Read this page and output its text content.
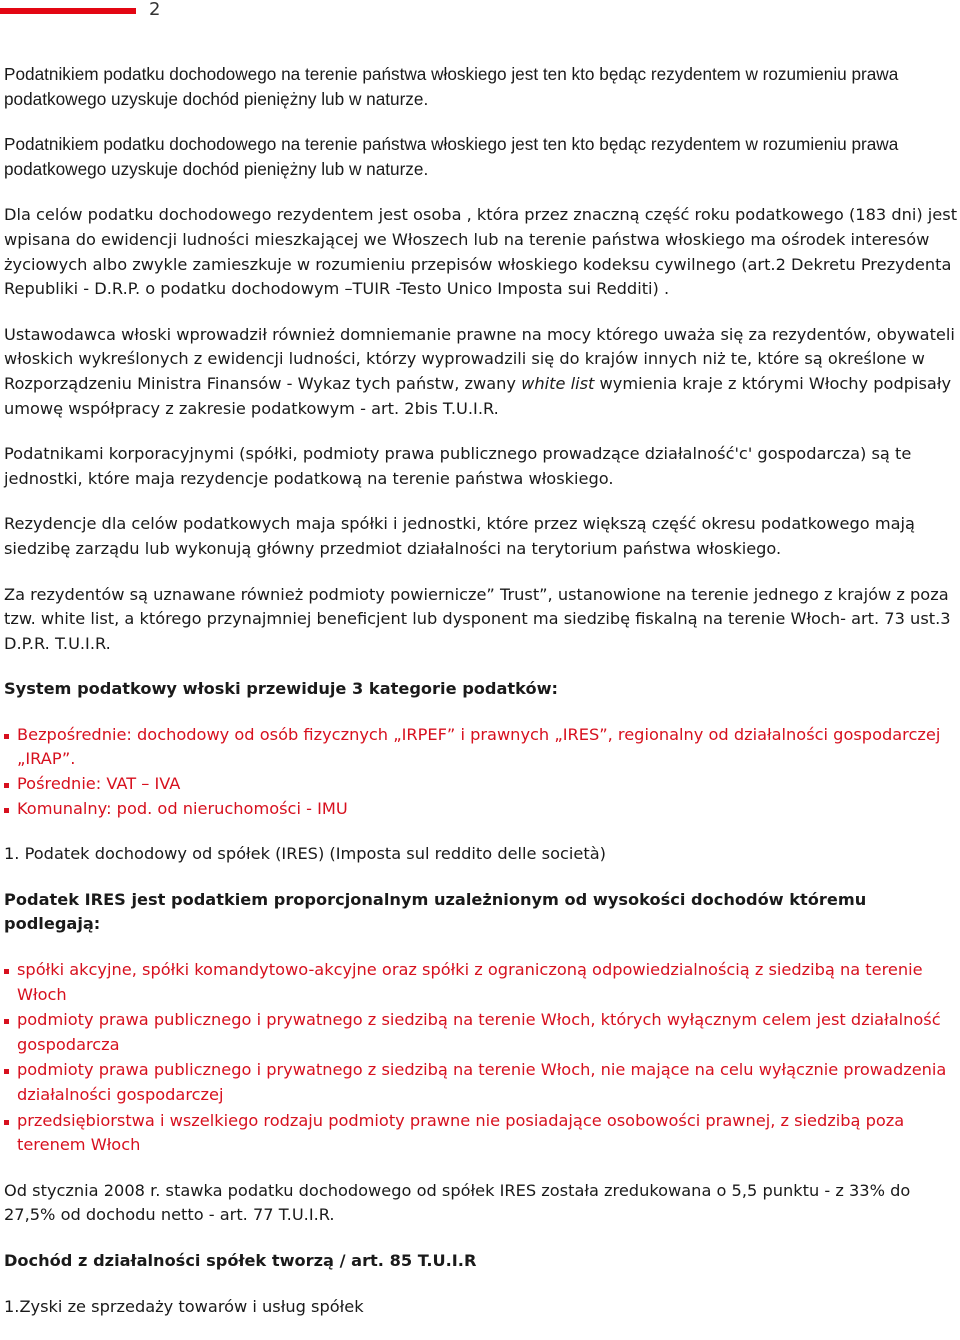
2

Podatnikiem podatku dochodowego na terenie państwa włoskiego jest ten kto będąc rezydentem w rozumieniu prawa podatkowego uzyskuje dochód pieniężny lub w naturze.

Podatnikiem podatku dochodowego na terenie państwa włoskiego jest ten kto będąc rezydentem w rozumieniu prawa podatkowego uzyskuje dochód pieniężny lub w naturze.

Dla celów podatku dochodowego rezydentem jest osoba , która przez znaczną część roku podatkowego (183 dni) jest wpisana do ewidencji ludności mieszkającej we Włoszech lub na terenie państwa włoskiego ma ośrodek interesów życiowych albo zwykle zamieszkuje w rozumieniu przepisów włoskiego kodeksu cywilnego (art.2 Dekretu Prezydenta Republiki - D.R.P. o podatku dochodowym –TUIR -Testo Unico Imposta sui Redditi) .

Ustawodawca włoski wprowadził również domniemanie prawne na mocy którego uważa się za rezydentów, obywateli włoskich wykreślonych z ewidencji ludności, którzy wyprowadzili się do krajów innych niż te, które są określone w Rozporządzeniu Ministra Finansów - Wykaz tych państw, zwany white list wymienia kraje z którymi Włochy podpisały umowę współpracy z zakresie podatkowym - art. 2bis T.U.I.R.

Podatnikami korporacyjnymi (spółki, podmioty prawa publicznego prowadzące działalność'c' gospodarcza) są te jednostki, które maja rezydencje podatkową na terenie państwa włoskiego.

Rezydencje dla celów podatkowych maja spółki i jednostki, które przez większą część okresu podatkowego mają siedzibę zarządu lub wykonują główny przedmiot działalności na terytorium państwa włoskiego.

Za rezydentów są uznawane również podmioty powiernicze” Trust”, ustanowione na terenie jednego z krajów z poza tzw. white list, a którego przynajmniej beneficjent lub dysponent ma siedzibę fiskalną na terenie Włoch- art. 73 ust.3 D.P.R. T.U.I.R.

System podatkowy włoski przewiduje 3 kategorie podatków:

Bezpośrednie: dochodowy od osób fizycznych „IRPEF” i prawnych „IRES”, regionalny od działalności gospodarczej „IRAP”.
Pośrednie: VAT – IVA
Komunalny: pod. od nieruchomości - IMU

1. Podatek dochodowy od spółek (IRES) (Imposta sul reddito delle società)

Podatek IRES jest podatkiem proporcjonalnym uzależnionym od wysokości dochodów któremu podlegają:

spółki akcyjne, spółki komandytowo-akcyjne oraz spółki z ograniczoną odpowiedzialnością z siedzibą na terenie Włoch
podmioty prawa publicznego i prywatnego z siedzibą na terenie Włoch, których wyłącznym celem jest działalność gospodarcza
podmioty prawa publicznego i prywatnego z siedzibą na terenie Włoch, nie mające na celu wyłącznie prowadzenia działalności gospodarczej
przedsiębiorstwa i wszelkiego rodzaju podmioty prawne nie posiadające osobowości prawnej, z siedzibą poza terenem Włoch

Od stycznia 2008 r. stawka podatku dochodowego od spółek IRES została zredukowana o 5,5 punktu - z 33% do 27,5% od dochodu netto - art. 77 T.U.I.R.

Dochód z działalności spółek tworzą / art. 85 T.U.I.R

1.Zyski ze sprzedaży towarów i usług spółek
